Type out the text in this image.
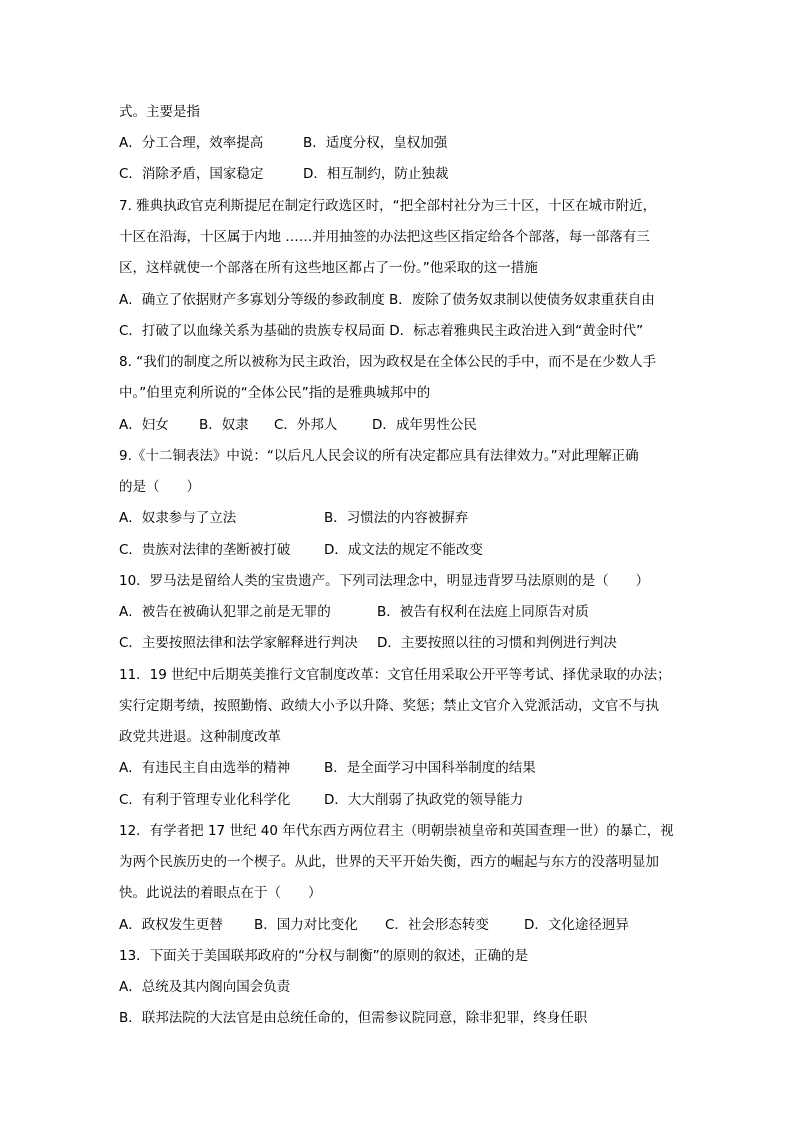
式。主要是指
A．分工合理，效率提高	B．适度分权，皇权加强
C．消除矛盾，国家稳定	D．相互制约，防止独裁
7. 雅典执政官克利斯提尼在制定行政选区时，“把全部村社分为三十区，十区在城市附近，
十区在沿海，十区属于内地 ……并用抽签的办法把这些区指定给各个部落，每一部落有三
区，这样就使一个部落在所有这些地区都占了一份。”他采取的这一措施
A．确立了依据财产多寡划分等级的参政制度 B．废除了债务奴隶制以使债务奴隶重获自由
C．打破了以血缘关系为基础的贵族专权局面 D．标志着雅典民主政治进入到“黄金时代”
8. “我们的制度之所以被称为民主政治，因为政权是在全体公民的手中，而不是在少数人手
中。”伯里克利所说的“全体公民”指的是雅典城邦中的
A．妇女 B．奴隶 C．外邦人	D．成年男性公民
9.《十二铜表法》中说：“以后凡人民会议的所有决定都应具有法律效力。”对此理解正确
的是（　　）
A．奴隶参与了立法	B．习惯法的内容被摒弃
C．贵族对法律的垄断被打破 D．成文法的规定不能改变
10．罗马法是留给人类的宝贵遗产。下列司法理念中，明显违背罗马法原则的是（　　）
A．被告在被确认犯罪之前是无罪的	B．被告有权利在法庭上同原告对质
C．主要按照法律和法学家解释进行判决 D．主要按照以往的习惯和判例进行判决
11．19 世纪中后期英美推行文官制度改革：文官任用采取公开平等考试、择优录取的办法；
实行定期考绩，按照勤惰、政绩大小予以升降、奖惩；禁止文官介入党派活动，文官不与执
政党共进退。这种制度改革
A．有违民主自由选举的精神	B．是全面学习中国科举制度的结果
C．有利于管理专业化科学化 D．大大削弱了执政党的领导能力
12．有学者把 17 世纪 40 年代东西方两位君主（明朝崇祯皇帝和英国查理一世）的暴亡，视
为两个民族历史的一个楔子。从此，世界的天平开始失衡，西方的崛起与东方的没落明显加
快。此说法的着眼点在于（　　）
A．政权发生更替 B．国力对比变化 C．社会形态转变	D．文化途径迥异
13．下面关于美国联邦政府的“分权与制衡”的原则的叙述，正确的是
A．总统及其内阁向国会负责
B．联邦法院的大法官是由总统任命的，但需参议院同意，除非犯罪，终身任职
